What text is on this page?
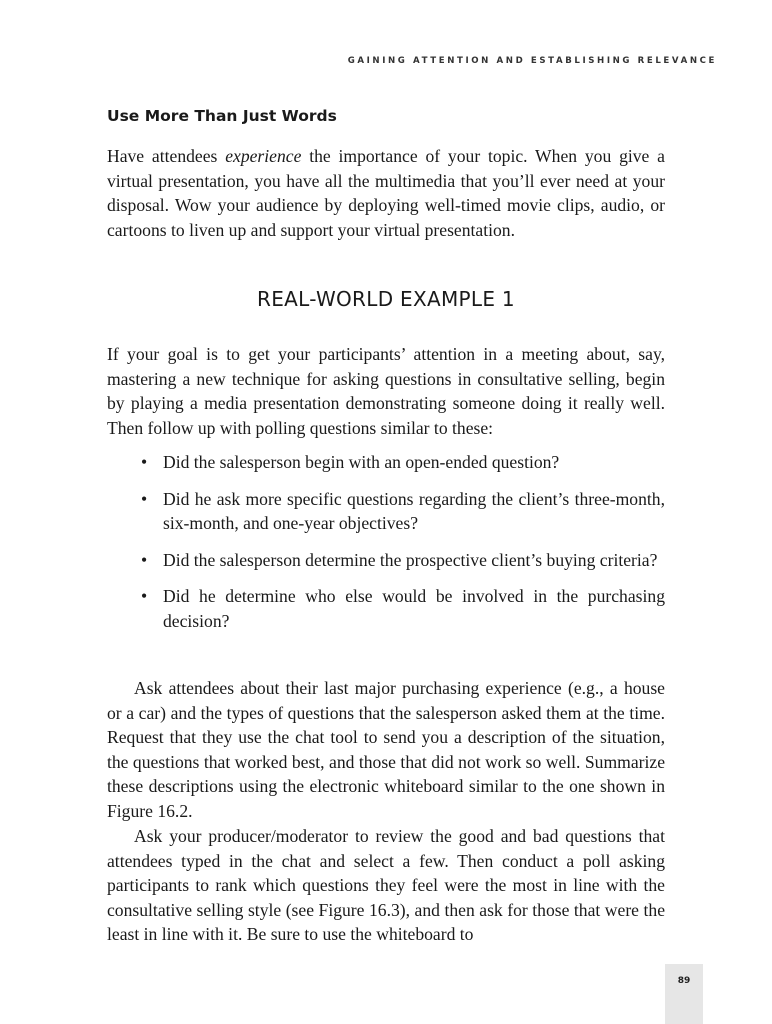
GAINING ATTENTION AND ESTABLISHING RELEVANCE
Use More Than Just Words

Have attendees experience the importance of your topic. When you give a virtual presentation, you have all the multimedia that you’ll ever need at your disposal. Wow your audience by deploying well-timed movie clips, audio, or cartoons to liven up and support your virtual presentation.

REAL-WORLD EXAMPLE 1

If your goal is to get your participants’ attention in a meeting about, say, mastering a new technique for asking questions in consultative selling, begin by playing a media presentation demonstrating someone doing it really well. Then follow up with polling questions similar to these:

• Did the salesperson begin with an open-ended question?
• Did he ask more specific questions regarding the client’s three-month, six-month, and one-year objectives?
• Did the salesperson determine the prospective client’s buying criteria?
• Did he determine who else would be involved in the purchasing decision?

Ask attendees about their last major purchasing experience (e.g., a house or a car) and the types of questions that the salesperson asked them at the time. Request that they use the chat tool to send you a description of the situation, the questions that worked best, and those that did not work so well. Summarize these descriptions using the electronic whiteboard similar to the one shown in Figure 16.2.

Ask your producer/moderator to review the good and bad questions that attendees typed in the chat and select a few. Then conduct a poll asking participants to rank which questions they feel were the most in line with the consultative selling style (see Figure 16.3), and then ask for those that were the least in line with it. Be sure to use the whiteboard to

89
